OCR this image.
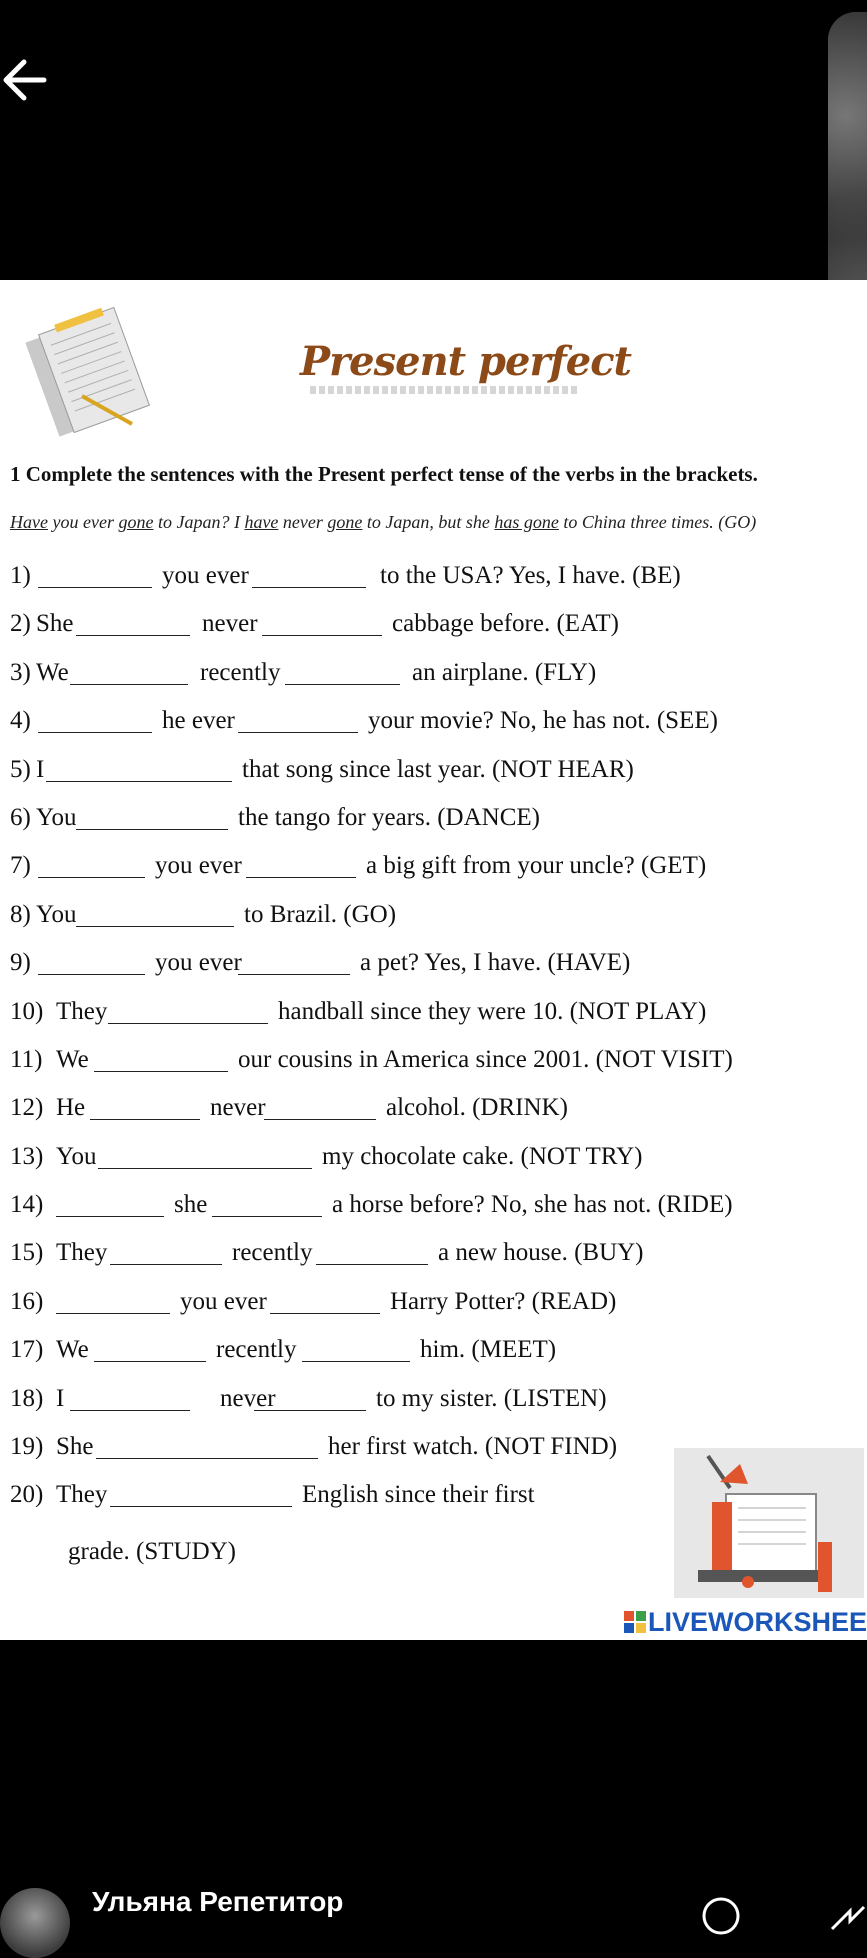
Present perfect
1 Complete the sentences with the Present perfect tense of the verbs in the brackets.
Have you ever gone to Japan? I have never gone to Japan, but she has gone to China three times. (GO)
1)	you ever	to the USA? Yes, I have. (BE)
2) She	never	cabbage before. (EAT)
3) We	recently	an airplane. (FLY)
4)	he ever	your movie? No, he has not. (SEE)
5) I	that song since last year. (NOT HEAR)
6) You	the tango for years. (DANCE)
7)	you ever	a big gift from your uncle? (GET)
8) You	to Brazil. (GO)
9)	you ever	a pet? Yes, I have. (HAVE)
10) They	handball since they were 10. (NOT PLAY)
11) We	our cousins in America since 2001. (NOT VISIT)
12) He	never	alcohol. (DRINK)
13) You	my chocolate cake. (NOT TRY)
14)	she	a horse before? No, she has not. (RIDE)
15) They	recently	a new house. (BUY)
16)	you ever	Harry Potter? (READ)
17) We	recently	him. (MEET)
18) I	never	to my sister. (LISTEN)
19) She	her first watch. (NOT FIND)
20) They	English since their first
grade. (STUDY)
LIVEWORKSHEE
Ульяна Репетитор
